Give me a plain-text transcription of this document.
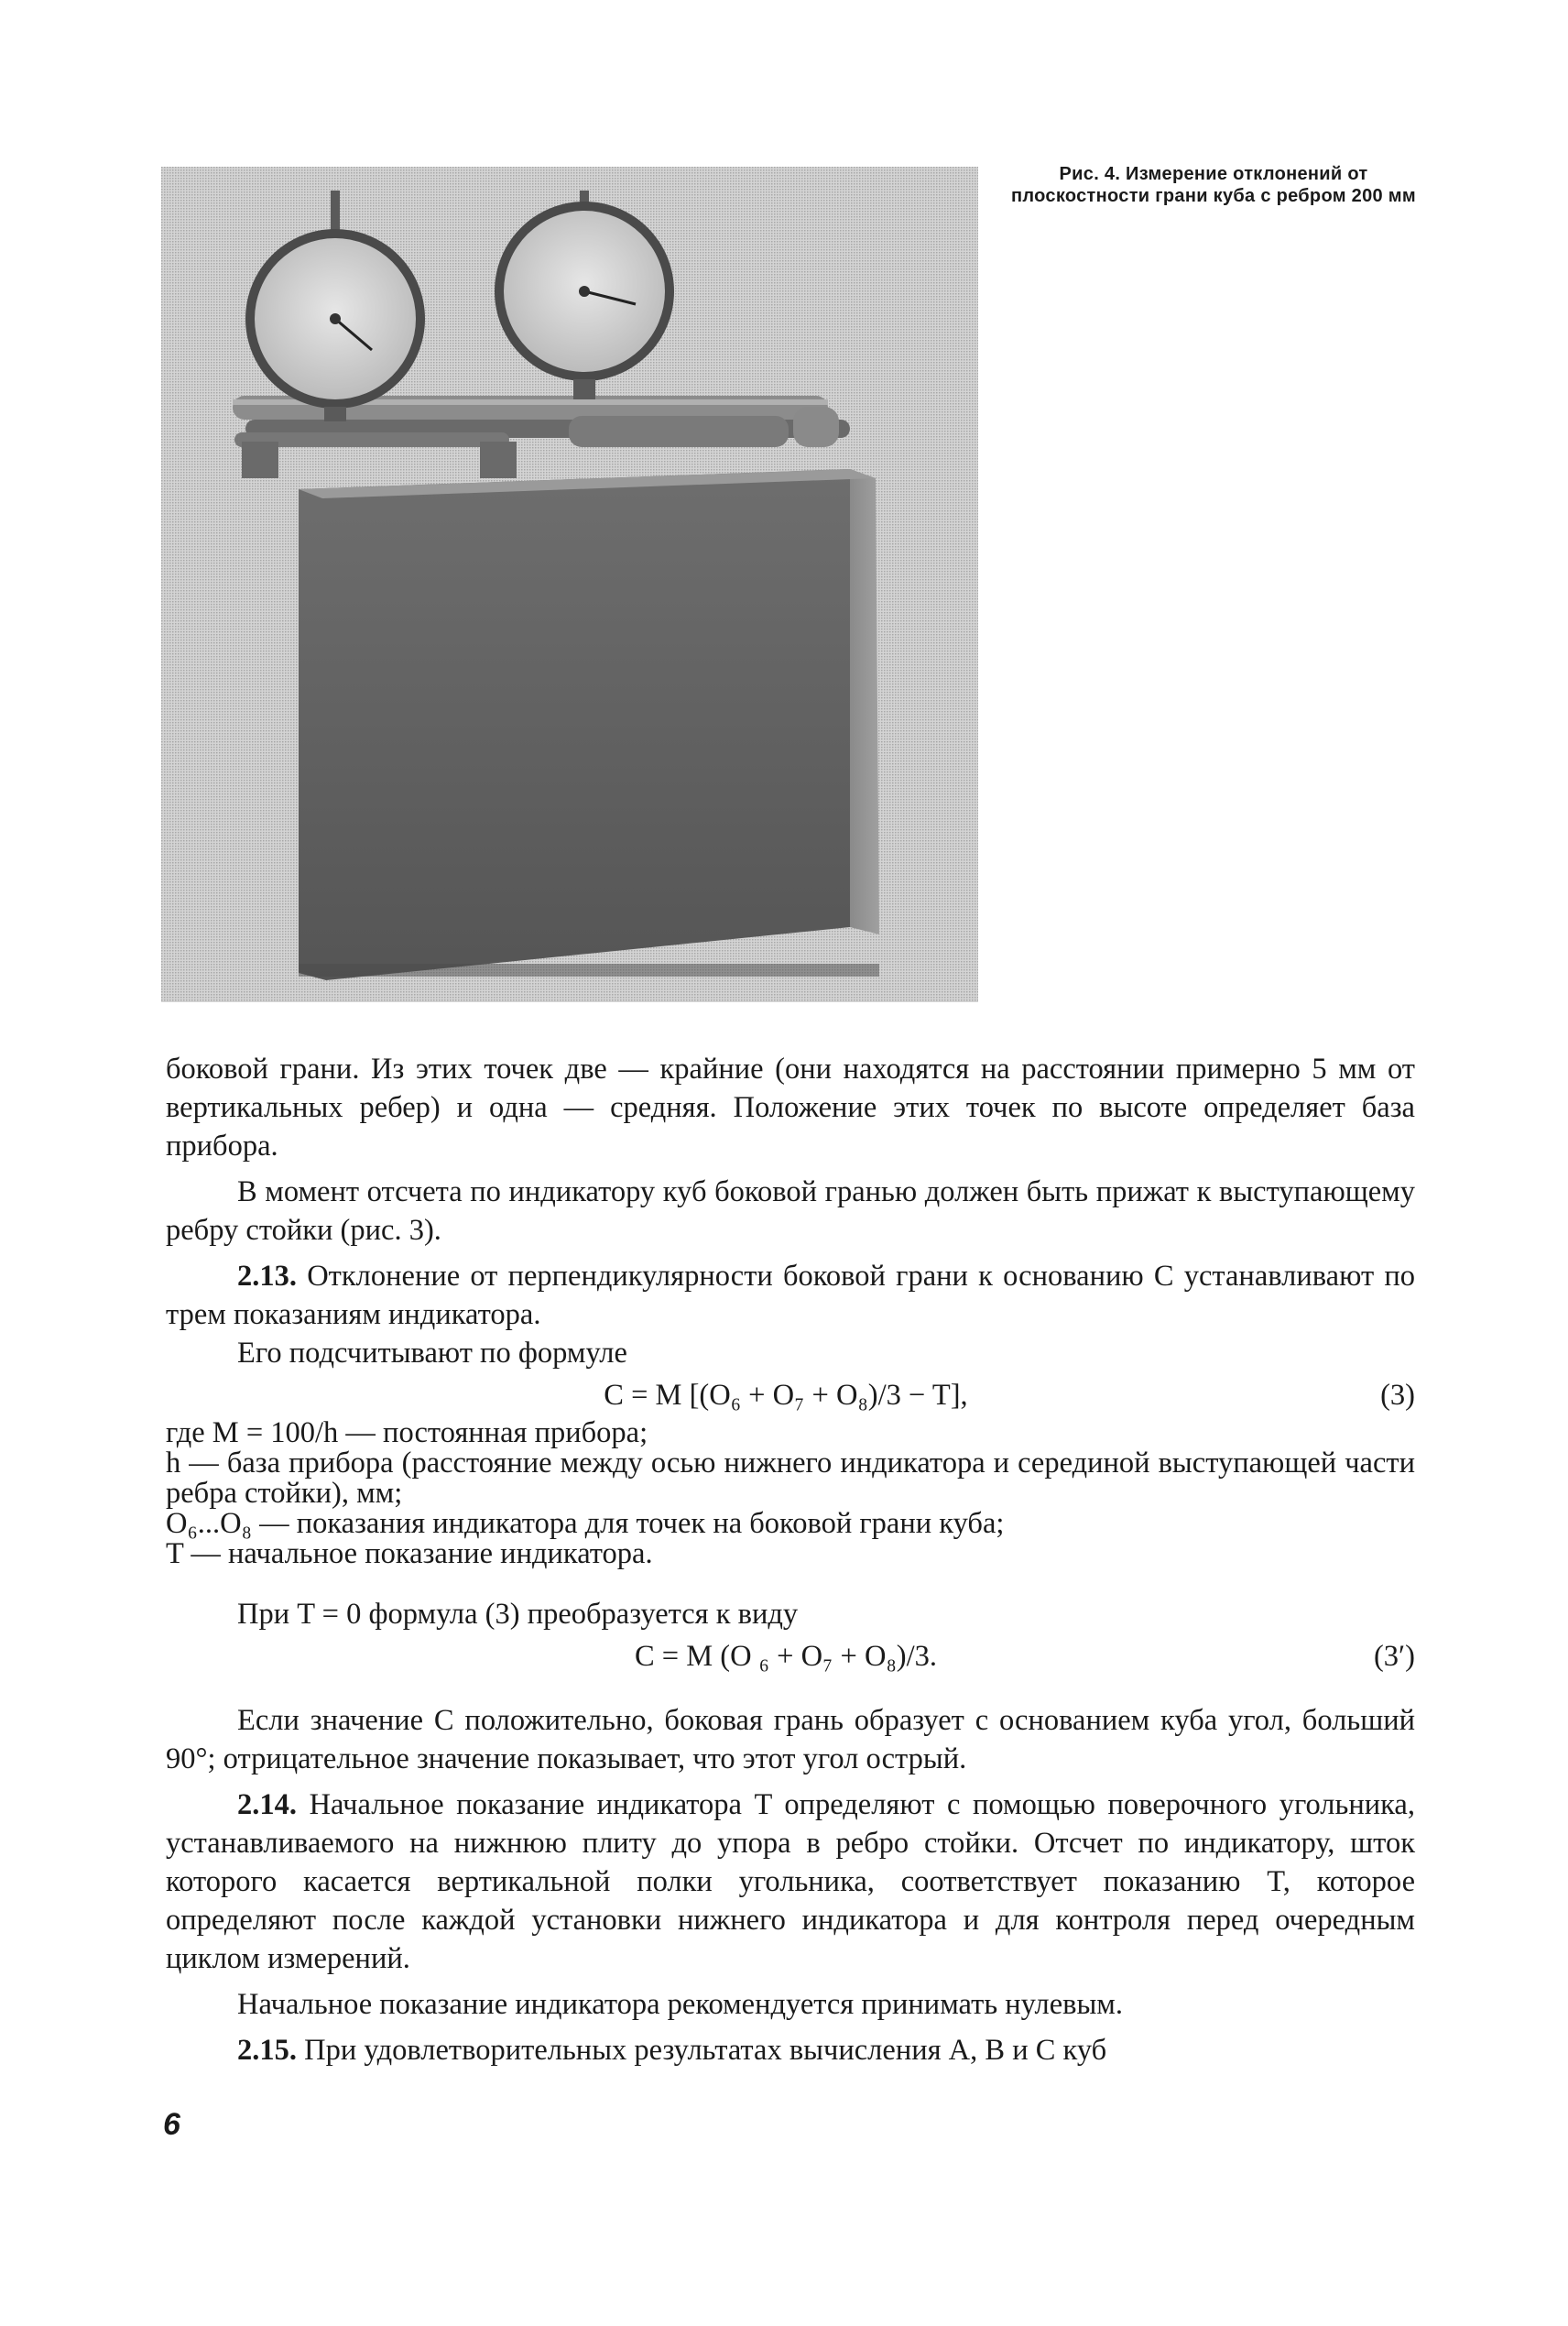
Рис. 4. Измерение отклонений от плоскостности грани куба с ребром 200 мм

боковой грани. Из этих точек две — крайние (они находятся на расстоянии примерно 5 мм от вертикальных ребер) и одна — средняя. Положение этих точек по высоте определяет база прибора.

В момент отсчета по индикатору куб боковой гранью должен быть прижат к выступающему ребру стойки (рис. 3).

2.13. Отклонение от перпендикулярности боковой грани к основанию C устанавливают по трем показаниям индикатора.

Его подсчитывают по формуле

C = M [(O₆ + O₇ + O₈)/3 − T],	(3)
где M = 100/h — постоянная прибора;
h — база прибора (расстояние между осью нижнего индикатора и серединой выступающей части ребра стойки), мм;
O₆...O₈ — показания индикатора для точек на боковой грани куба;
T — начальное показание индикатора.

При T = 0 формула (3) преобразуется к виду

C = M (O ₆ + O₇ + O₈)/3.	(3′)

Если значение C положительно, боковая грань образует с основанием куба угол, больший 90°; отрицательное значение показывает, что этот угол острый.

2.14. Начальное показание индикатора T определяют с помощью поверочного угольника, устанавливаемого на нижнюю плиту до упора в ребро стойки. Отсчет по индикатору, шток которого касается вертикальной полки угольника, соответствует показанию T, которое определяют после каждой установки нижнего индикатора и для контроля перед очередным циклом измерений.

Начальное показание индикатора рекомендуется принимать нулевым.

2.15. При удовлетворительных результатах вычисления A, B и C куб

6
